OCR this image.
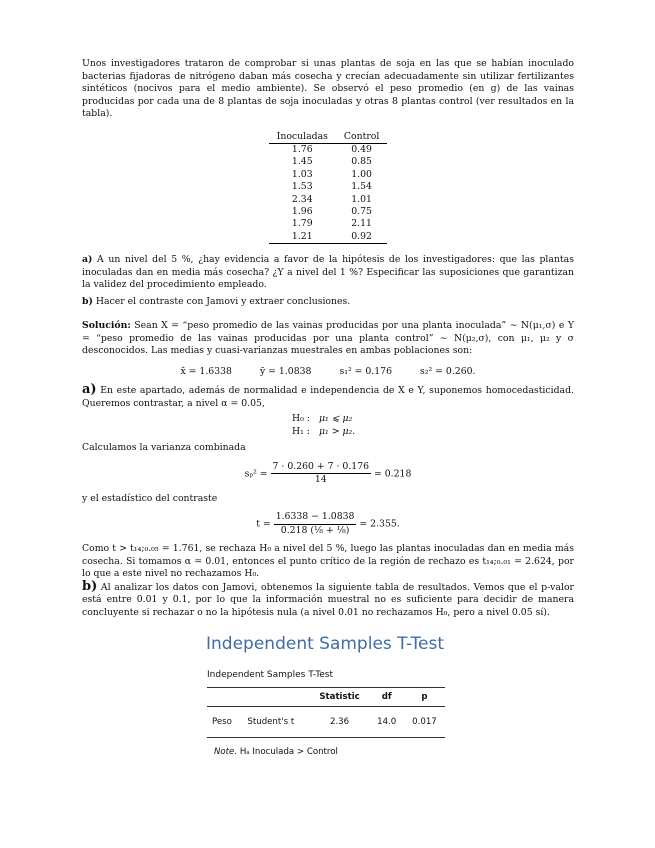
Unos investigadores trataron de comprobar si unas plantas de soja en las que se habían inoculado bacterias fijadoras de nitrógeno daban más cosecha y crecían adecuadamente sin utilizar fertilizantes sintéticos (nocivos para el medio ambiente). Se observó el peso promedio (en g) de las vainas producidas por cada una de 8 plantas de soja inoculadas y otras 8 plantas control (ver resultados en la tabla).

Inoculadas	Control
1.76	0.49
1.45	0.85
1.03	1.00
1.53	1.54
2.34	1.01
1.96	0.75
1.79	2.11
1.21	0.92

a) A un nivel del 5 %, ¿hay evidencia a favor de la hipótesis de los investigadores: que las plantas inoculadas dan en media más cosecha? ¿Y a nivel del 1 %? Especificar las suposiciones que garantizan la validez del procedimiento empleado.

b) Hacer el contraste con Jamovi y extraer conclusiones.

Solución: Sean X = “peso promedio de las vainas producidas por una planta inoculada” ∼ N(μ₁,σ) e Y = “peso promedio de las vainas producidas por una planta control” ∼ N(μ₂,σ), con μ₁, μ₂ y σ desconocidos. Las medias y cuasi-varianzas muestrales en ambas poblaciones son:

x̄ = 1.6338	ȳ = 1.0838	s₁² = 0.176	s₂² = 0.260.

a) En este apartado, además de normalidad e independencia de X e Y, suponemos homocedasticidad. Queremos contrastar, a nivel α = 0.05,

H₀ : μ₁ ⩽ μ₂
H₁ : μ₁ > μ₂.

Calculamos la varianza combinada

$s_p^2 = \frac{7 \cdot 0.260 + 7 \cdot 0.176}{14} = 0.218$

y el estadístico del contraste

$t = \frac{1.6338 - 1.0838}{\text{0.218 (⅛ + ⅛)}} = 2.355$.

Como t > t₁₄;₀.₀₅ = 1.761, se rechaza H₀ a nivel del 5 %, luego las plantas inoculadas dan en media más cosecha. Si tomamos α = 0.01, entonces el punto crítico de la región de rechazo es t₁₄;₀.₀₁ = 2.624, por lo que a este nivel no rechazamos H₀.

b) Al analizar los datos con Jamovi, obtenemos la siguiente tabla de resultados. Vemos que el p-valor está entre 0.01 y 0.1, por lo que la información muestral no es suficiente para decidir de manera concluyente si rechazar o no la hipótesis nula (a nivel 0.01 no rechazamos H₀, pero a nivel 0.05 sí).

Independent Samples T-Test
Independent Samples T-Test
		Statistic	df	p
Peso	Student's t	2.36	14.0	0.017
Note. Hₐ Inoculada > Control
